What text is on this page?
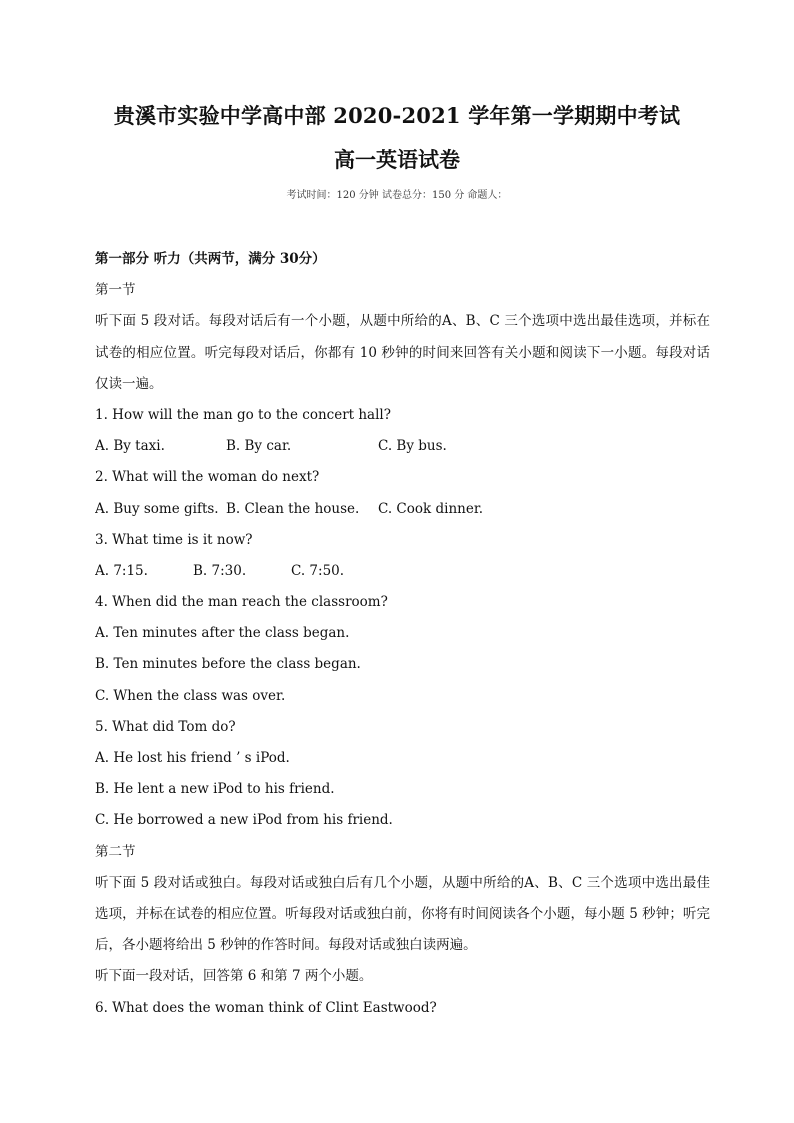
贵溪市实验中学高中部 2020-2021 学年第一学期期中考试
高一英语试卷
考试时间：120 分钟 试卷总分：150 分 命题人：
第一部分 听力（共两节，满分 30分）
第一节
听下面 5 段对话。每段对话后有一个小题，从题中所给的A、B、C 三个选项中选出最佳选项，并标在试卷的相应位置。听完每段对话后，你都有 10 秒钟的时间来回答有关小题和阅读下一小题。每段对话仅读一遍。
1. How will the man go to the concert hall?
A. By taxi.	B. By car.	C. By bus.
2. What will the woman do next?
A. Buy some gifts. B. Clean the house. C. Cook dinner.
3. What time is it now?
A. 7:15.	B. 7:30.	C. 7:50.
4. When did the man reach the classroom?
A. Ten minutes after the class began.
B. Ten minutes before the class began.
C. When the class was over.
5. What did Tom do?
A. He lost his friend ’ s iPod.
B. He lent a new iPod to his friend.
C. He borrowed a new iPod from his friend.
第二节
听下面 5 段对话或独白。每段对话或独白后有几个小题，从题中所给的A、B、C 三个选项中选出最佳选项，并标在试卷的相应位置。听每段对话或独白前，你将有时间阅读各个小题，每小题 5 秒钟；听完后，各小题将给出 5 秒钟的作答时间。每段对话或独白读两遍。
听下面一段对话，回答第 6 和第 7 两个小题。
6. What does the woman think of Clint Eastwood?
